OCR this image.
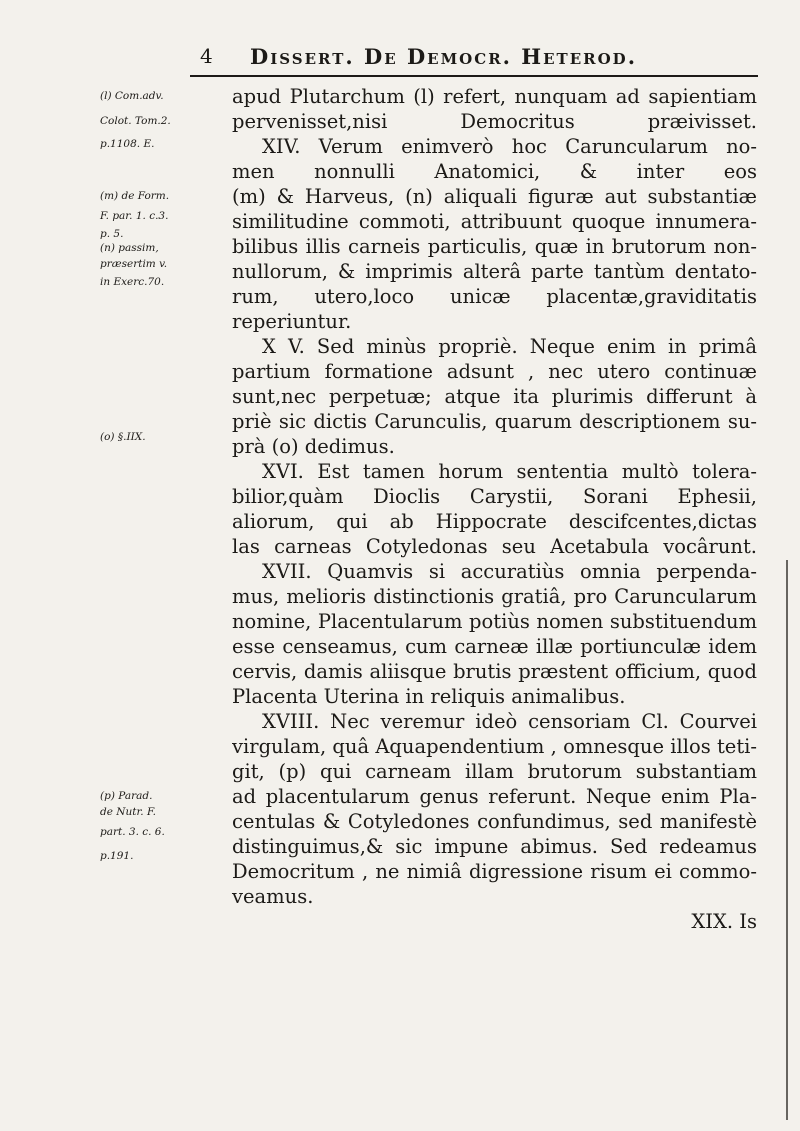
4 Dissert. De Democr. Heterod.
(l) Com.adv.
Colot. Tom.2.
p.1108. E.
(m) de Form.
F. par. 1. c.3.
p. 5.
(n) passim,
præsertim v.
in Exerc.70.
(o) §.IIX.
(p) Parad.
de Nutr. F.
part. 3. c. 6.
p.191.
apud Plutarchum (l) refert, nunquam ad sapientiam
pervenisset,nisi Democritus præivisset.
XIV. Verum enimverò hoc Caruncularum no-
men nonnulli Anatomici, & inter eos
(m) & Harveus, (n) aliquali figuræ aut substantiæ
similitudine commoti, attribuunt quoque innumera-
bilibus illis carneis particulis, quæ in brutorum non-
nullorum, & imprimis alterâ parte tantùm dentato-
rum, utero,loco unicæ placentæ,graviditatis
reperiuntur.
X V. Sed minùs propriè. Neque enim in primâ
partium formatione adsunt , nec utero continuæ
sunt,nec perpetuæ; atque ita plurimis differunt à
priè sic dictis Carunculis, quarum descriptionem su-
prà (o) dedimus.
XVI. Est tamen horum sententia multò tolera-
bilior,quàm Dioclis Carystii, Sorani Ephesii,
aliorum, qui ab Hippocrate descifcentes,dictas
las carneas Cotyledonas seu Acetabula vocârunt.
XVII. Quamvis si accuratiùs omnia perpenda-
mus, melioris distinctionis gratiâ, pro Caruncularum
nomine, Placentularum potiùs nomen substituendum
esse censeamus, cum carneæ illæ portiunculæ idem
cervis, damis aliisque brutis præstent officium, quod
Placenta Uterina in reliquis animalibus.
XVIII. Nec veremur ideò censoriam Cl. Courvei
virgulam, quâ Aquapendentium , omnesque illos teti-
git, (p) qui carneam illam brutorum substantiam
ad placentularum genus referunt. Neque enim Pla-
centulas & Cotyledones confundimus, sed manifestè
distinguimus,& sic impune abimus. Sed redeamus
Democritum , ne nimiâ digressione risum ei commo-
veamus.
XIX. Is
